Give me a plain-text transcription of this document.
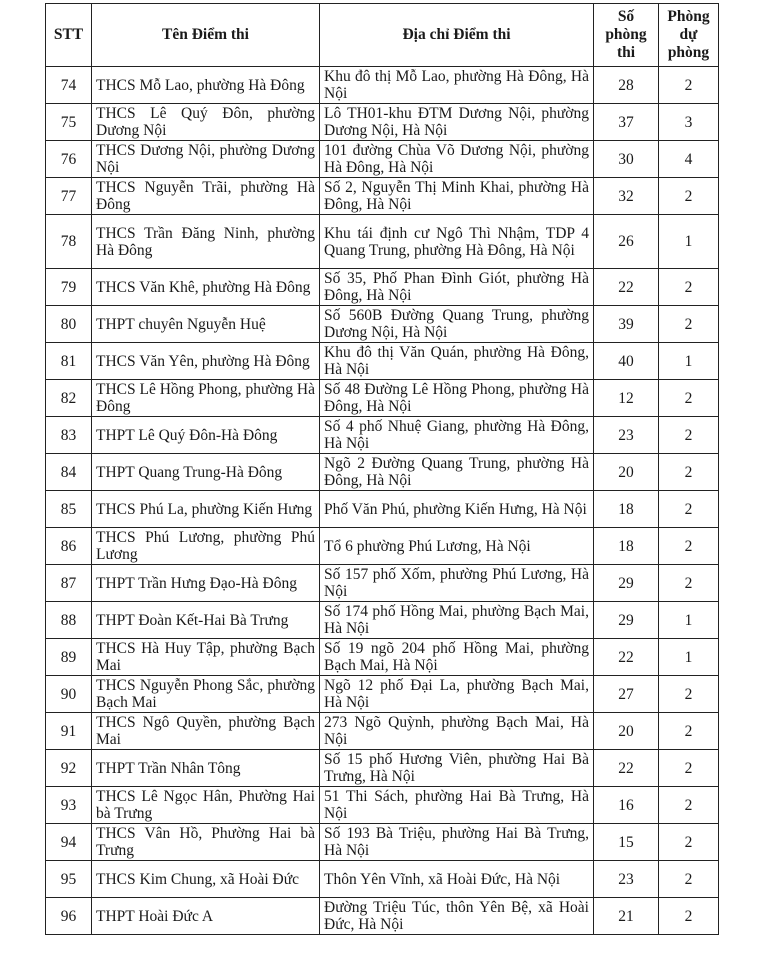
STT	Tên Điểm thi	Địa chỉ Điểm thi	Số phòng thi	Phòng dự phòng
74	THCS Mỗ Lao, phường Hà Đông	Khu đô thị Mỗ Lao, phường Hà Đông, Hà Nội	28	2
75	THCS Lê Quý Đôn, phường Dương Nội	Lô TH01-khu ĐTM Dương Nội, phường Dương Nội, Hà Nội	37	3
76	THCS Dương Nội, phường Dương Nội	101 đường Chùa Võ Dương Nội, phường Hà Đông, Hà Nội	30	4
77	THCS Nguyễn Trãi, phường Hà Đông	Số 2, Nguyễn Thị Minh Khai, phường Hà Đông, Hà Nội	32	2
78	THCS Trần Đăng Ninh, phường Hà Đông	Khu tái định cư Ngô Thì Nhậm, TDP 4 Quang Trung, phường Hà Đông, Hà Nội	26	1
79	THCS Văn Khê, phường Hà Đông	Số 35, Phố Phan Đình Giót, phường Hà Đông, Hà Nội	22	2
80	THPT chuyên Nguyễn Huệ	Số 560B Đường Quang Trung, phường Dương Nội, Hà Nội	39	2
81	THCS Văn Yên, phường Hà Đông	Khu đô thị Văn Quán, phường Hà Đông, Hà Nội	40	1
82	THCS Lê Hồng Phong, phường Hà Đông	Số 48 Đường Lê Hồng Phong, phường Hà Đông, Hà Nội	12	2
83	THPT Lê Quý Đôn-Hà Đông	Số 4 phố Nhuệ Giang, phường Hà Đông, Hà Nội	23	2
84	THPT Quang Trung-Hà Đông	Ngõ 2 Đường Quang Trung, phường Hà Đông, Hà Nội	20	2
85	THCS Phú La, phường Kiến Hưng	Phố Văn Phú, phường Kiến Hưng, Hà Nội	18	2
86	THCS Phú Lương, phường Phú Lương	Tổ 6 phường Phú Lương, Hà Nội	18	2
87	THPT Trần Hưng Đạo-Hà Đông	Số 157 phố Xốm, phường Phú Lương, Hà Nội	29	2
88	THPT Đoàn Kết-Hai Bà Trưng	Số 174 phố Hồng Mai, phường Bạch Mai, Hà Nội	29	1
89	THCS Hà Huy Tập, phường Bạch Mai	Số 19 ngõ 204 phố Hồng Mai, phường Bạch Mai, Hà Nội	22	1
90	THCS Nguyễn Phong Sắc, phường Bạch Mai	Ngõ 12 phố Đại La, phường Bạch Mai, Hà Nội	27	2
91	THCS Ngô Quyền, phường Bạch Mai	273 Ngõ Quỳnh, phường Bạch Mai, Hà Nội	20	2
92	THPT Trần Nhân Tông	Số 15 phố Hương Viên, phường Hai Bà Trưng, Hà Nội	22	2
93	THCS Lê Ngọc Hân, Phường Hai bà Trưng	51 Thi Sách, phường Hai Bà Trưng, Hà Nội	16	2
94	THCS Vân Hồ, Phường Hai bà Trưng	Số 193 Bà Triệu, phường Hai Bà Trưng, Hà Nội	15	2
95	THCS Kim Chung, xã Hoài Đức	Thôn Yên Vĩnh, xã Hoài Đức, Hà Nội	23	2
96	THPT Hoài Đức A	Đường Triệu Túc, thôn Yên Bệ, xã Hoài Đức, Hà Nội	21	2
